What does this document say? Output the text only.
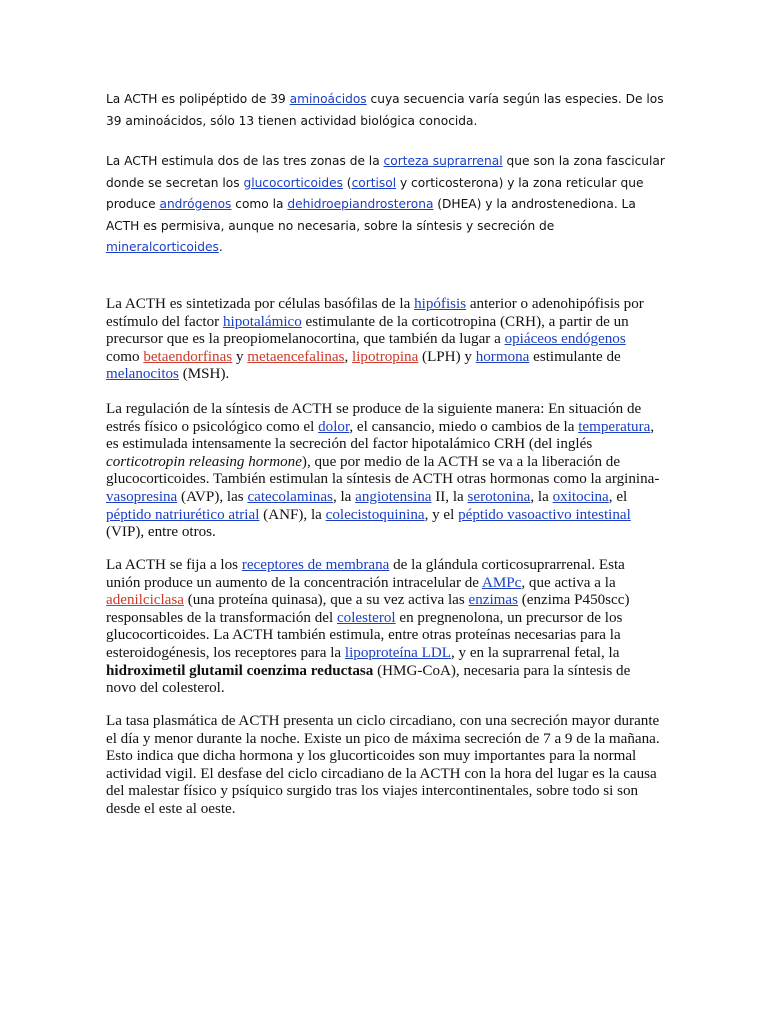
La ACTH es polipéptido de 39 aminoácidos cuya secuencia varía según las especies. De los
39 aminoácidos, sólo 13 tienen actividad biológica conocida.

La ACTH estimula dos de las tres zonas de la corteza suprarrenal que son la zona fascicular
donde se secretan los glucocorticoides (cortisol y corticosterona) y la zona reticular que
produce andrógenos como la dehidroepiandrosterona (DHEA) y la androstenediona. La
ACTH es permisiva, aunque no necesaria, sobre la síntesis y secreción de
mineralcorticoides.

La ACTH es sintetizada por células basófilas de la hipófisis anterior o adenohipófisis por
estímulo del factor hipotalámico estimulante de la corticotropina (CRH), a partir de un
precursor que es la preopiomelanocortina, que también da lugar a opiáceos endógenos
como betaendorfinas y metaencefalinas, lipotropina (LPH) y hormona estimulante de
melanocitos (MSH).

La regulación de la síntesis de ACTH se produce de la siguiente manera: En situación de
estrés físico o psicológico como el dolor, el cansancio, miedo o cambios de la temperatura,
es estimulada intensamente la secreción del factor hipotalámico CRH (del inglés
corticotropin releasing hormone), que por medio de la ACTH se va a la liberación de
glucocorticoides. También estimulan la síntesis de ACTH otras hormonas como la arginina-
vasopresina (AVP), las catecolaminas, la angiotensina II, la serotonina, la oxitocina, el
péptido natriurético atrial (ANF), la colecistoquinina, y el péptido vasoactivo intestinal
(VIP), entre otros.

La ACTH se fija a los receptores de membrana de la glándula corticosuprarrenal. Esta
unión produce un aumento de la concentración intracelular de AMPc, que activa a la
adenilciclasa (una proteína quinasa), que a su vez activa las enzimas (enzima P450scc)
responsables de la transformación del colesterol en pregnenolona, un precursor de los
glucocorticoides. La ACTH también estimula, entre otras proteínas necesarias para la
esteroidogénesis, los receptores para la lipoproteína LDL, y en la suprarrenal fetal, la
hidroximetil glutamil coenzima reductasa (HMG-CoA), necesaria para la síntesis de
novo del colesterol.

La tasa plasmática de ACTH presenta un ciclo circadiano, con una secreción mayor durante
el día y menor durante la noche. Existe un pico de máxima secreción de 7 a 9 de la mañana.
Esto indica que dicha hormona y los glucorticoides son muy importantes para la normal
actividad vigil. El desfase del ciclo circadiano de la ACTH con la hora del lugar es la causa
del malestar físico y psíquico surgido tras los viajes intercontinentales, sobre todo si son
desde el este al oeste.
